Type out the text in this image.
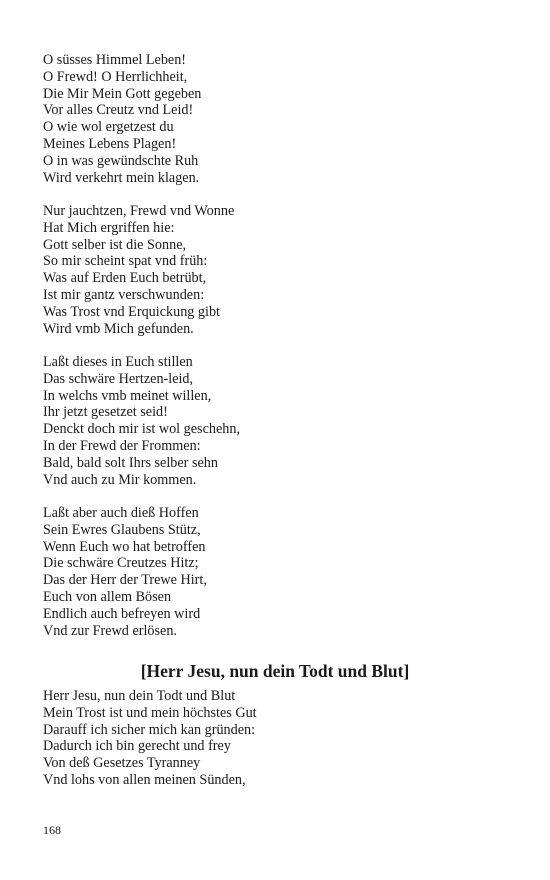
O süsses Himmel Leben!
O Frewd! O Herrlichheit,
Die Mir Mein Gott gegeben
Vor alles Creutz vnd Leid!
O wie wol ergetzest du
Meines Lebens Plagen!
O in was gewündschte Ruh
Wird verkehrt mein klagen.
Nur jauchtzen, Frewd vnd Wonne
Hat Mich ergriffen hie:
Gott selber ist die Sonne,
So mir scheint spat vnd früh:
Was auf Erden Euch betrübt,
Ist mir gantz verschwunden:
Was Trost vnd Erquickung gibt
Wird vmb Mich gefunden.
Laßt dieses in Euch stillen
Das schwäre Hertzen-leid,
In welchs vmb meinet willen,
Ihr jetzt gesetzet seid!
Denckt doch mir ist wol geschehn,
In der Frewd der Frommen:
Bald, bald solt Ihrs selber sehn
Vnd auch zu Mir kommen.
Laßt aber auch dieß Hoffen
Sein Ewres Glaubens Stütz,
Wenn Euch wo hat betroffen
Die schwäre Creutzes Hitz;
Das der Herr der Trewe Hirt,
Euch von allem Bösen
Endlich auch befreyen wird
Vnd zur Frewd erlösen.
[Herr Jesu, nun dein Todt und Blut]
Herr Jesu, nun dein Todt und Blut
Mein Trost ist und mein höchstes Gut
Darauff ich sicher mich kan gründen:
Dadurch ich bin gerecht und frey
Von deß Gesetzes Tyranney
Vnd lohs von allen meinen Sünden,
168
